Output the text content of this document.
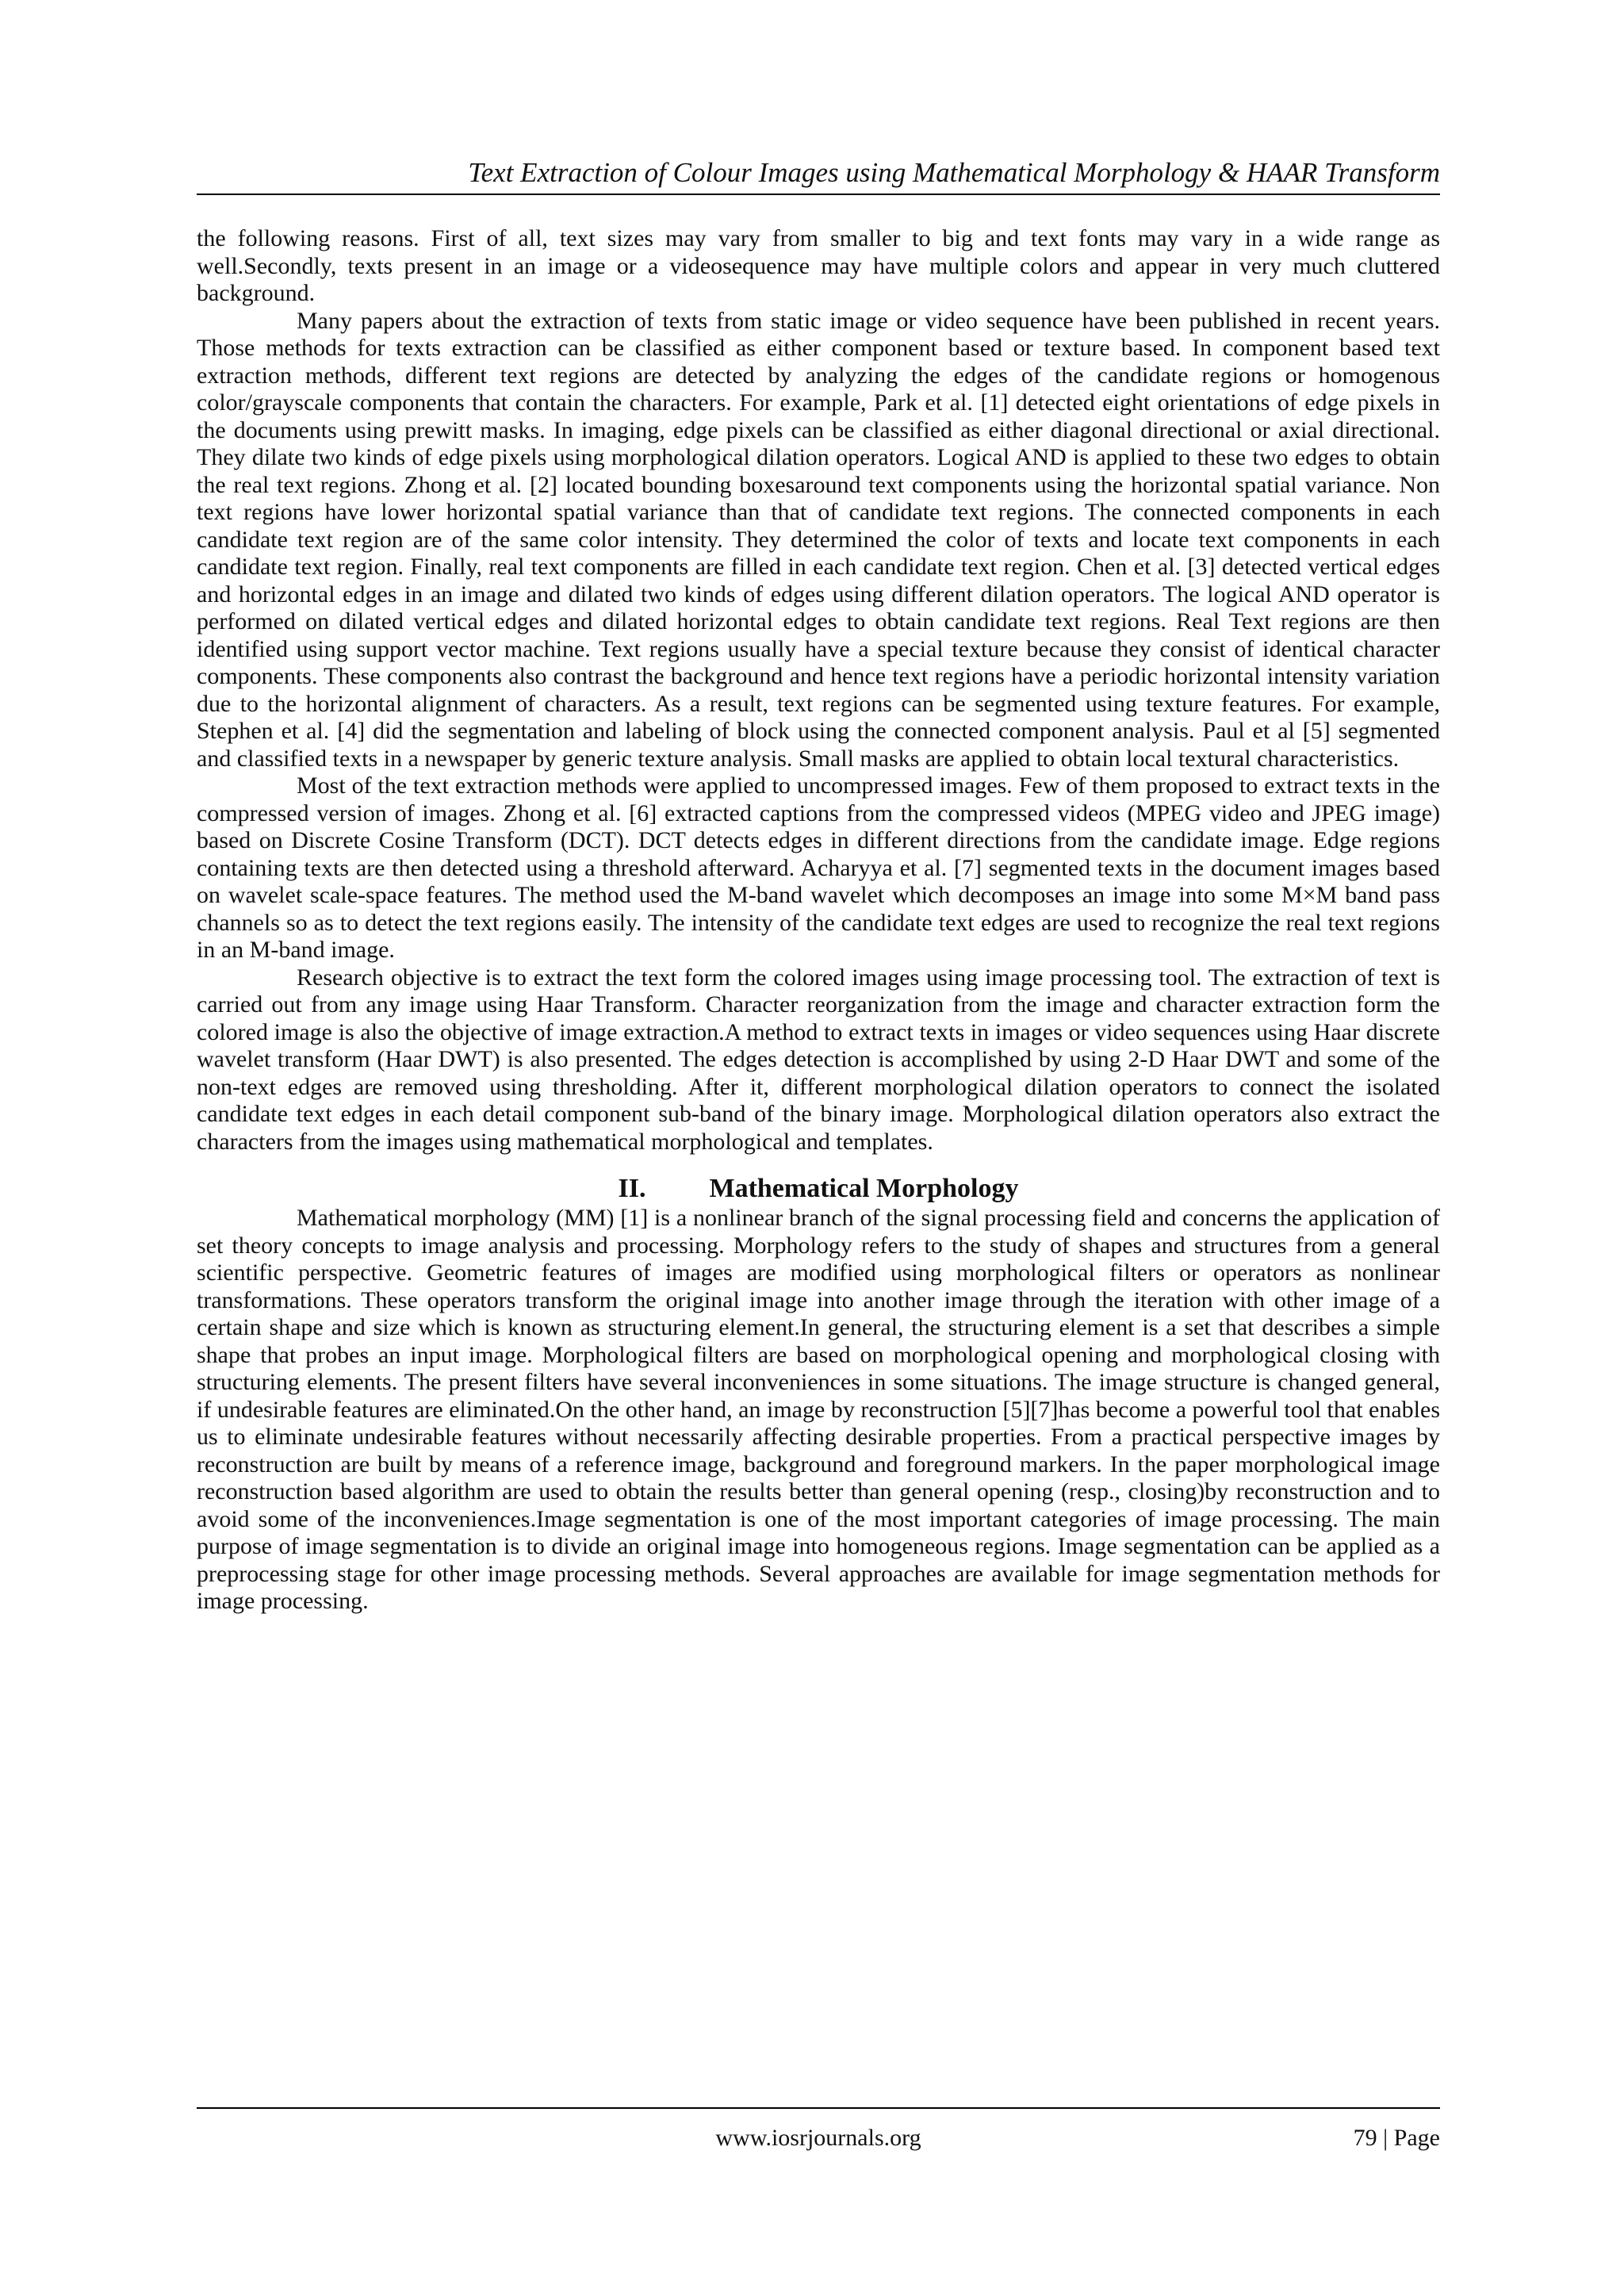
Text Extraction of Colour Images using Mathematical Morphology & HAAR Transform

the following reasons. First of all, text sizes may vary from smaller to big and text fonts may vary in a wide range as well.Secondly, texts present in an image or a videosequence may have multiple colors and appear in very much cluttered background.

Many papers about the extraction of texts from static image or video sequence have been published in recent years. Those methods for texts extraction can be classified as either component based or texture based. In component based text extraction methods, different text regions are detected by analyzing the edges of the candidate regions or homogenous color/grayscale components that contain the characters. For example, Park et al. [1] detected eight orientations of edge pixels in the documents using prewitt masks. In imaging, edge pixels can be classified as either diagonal directional or axial directional. They dilate two kinds of edge pixels using morphological dilation operators. Logical AND is applied to these two edges to obtain the real text regions. Zhong et al. [2] located bounding boxesaround text components using the horizontal spatial variance. Non text regions have lower horizontal spatial variance than that of candidate text regions. The connected components in each candidate text region are of the same color intensity. They determined the color of texts and locate text components in each candidate text region. Finally, real text components are filled in each candidate text region. Chen et al. [3] detected vertical edges and horizontal edges in an image and dilated two kinds of edges using different dilation operators. The logical AND operator is performed on dilated vertical edges and dilated horizontal edges to obtain candidate text regions. Real Text regions are then identified using support vector machine. Text regions usually have a special texture because they consist of identical character components. These components also contrast the background and hence text regions have a periodic horizontal intensity variation due to the horizontal alignment of characters. As a result, text regions can be segmented using texture features. For example, Stephen et al. [4] did the segmentation and labeling of block using the connected component analysis. Paul et al [5] segmented and classified texts in a newspaper by generic texture analysis. Small masks are applied to obtain local textural characteristics.

Most of the text extraction methods were applied to uncompressed images. Few of them proposed to extract texts in the compressed version of images. Zhong et al. [6] extracted captions from the compressed videos (MPEG video and JPEG image) based on Discrete Cosine Transform (DCT). DCT detects edges in different directions from the candidate image. Edge regions containing texts are then detected using a threshold afterward. Acharyya et al. [7] segmented texts in the document images based on wavelet scale-space features. The method used the M-band wavelet which decomposes an image into some M×M band pass channels so as to detect the text regions easily. The intensity of the candidate text edges are used to recognize the real text regions in an M-band image.

Research objective is to extract the text form the colored images using image processing tool. The extraction of text is carried out from any image using Haar Transform. Character reorganization from the image and character extraction form the colored image is also the objective of image extraction.A method to extract texts in images or video sequences using Haar discrete wavelet transform (Haar DWT) is also presented. The edges detection is accomplished by using 2-D Haar DWT and some of the non-text edges are removed using thresholding. After it, different morphological dilation operators to connect the isolated candidate text edges in each detail component sub-band of the binary image. Morphological dilation operators also extract the characters from the images using mathematical morphological and templates.

II. Mathematical Morphology

Mathematical morphology (MM) [1] is a nonlinear branch of the signal processing field and concerns the application of set theory concepts to image analysis and processing. Morphology refers to the study of shapes and structures from a general scientific perspective. Geometric features of images are modified using morphological filters or operators as nonlinear transformations. These operators transform the original image into another image through the iteration with other image of a certain shape and size which is known as structuring element.In general, the structuring element is a set that describes a simple shape that probes an input image. Morphological filters are based on morphological opening and morphological closing with structuring elements. The present filters have several inconveniences in some situations. The image structure is changed general, if undesirable features are eliminated.On the other hand, an image by reconstruction [5][7]has become a powerful tool that enables us to eliminate undesirable features without necessarily affecting desirable properties. From a practical perspective images by reconstruction are built by means of a reference image, background and foreground markers. In the paper morphological image reconstruction based algorithm are used to obtain the results better than general opening (resp., closing)by reconstruction and to avoid some of the inconveniences.Image segmentation is one of the most important categories of image processing. The main purpose of image segmentation is to divide an original image into homogeneous regions. Image segmentation can be applied as a preprocessing stage for other image processing methods. Several approaches are available for image segmentation methods for image processing.

www.iosrjournals.org	79 | Page
